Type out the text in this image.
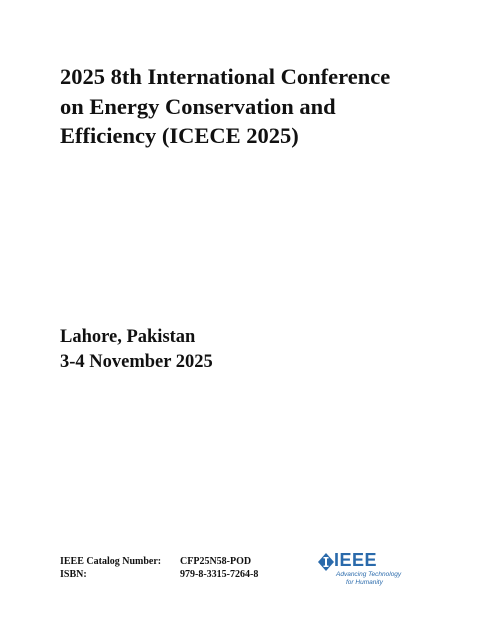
2025 8th International Conference
on Energy Conservation and
Efficiency (ICECE 2025)
Lahore, Pakistan
3-4 November 2025
IEEE Catalog Number:	CFP25N58-POD
ISBN:	979-8-3315-7264-8
IEEE
Advancing Technology
for Humanity
